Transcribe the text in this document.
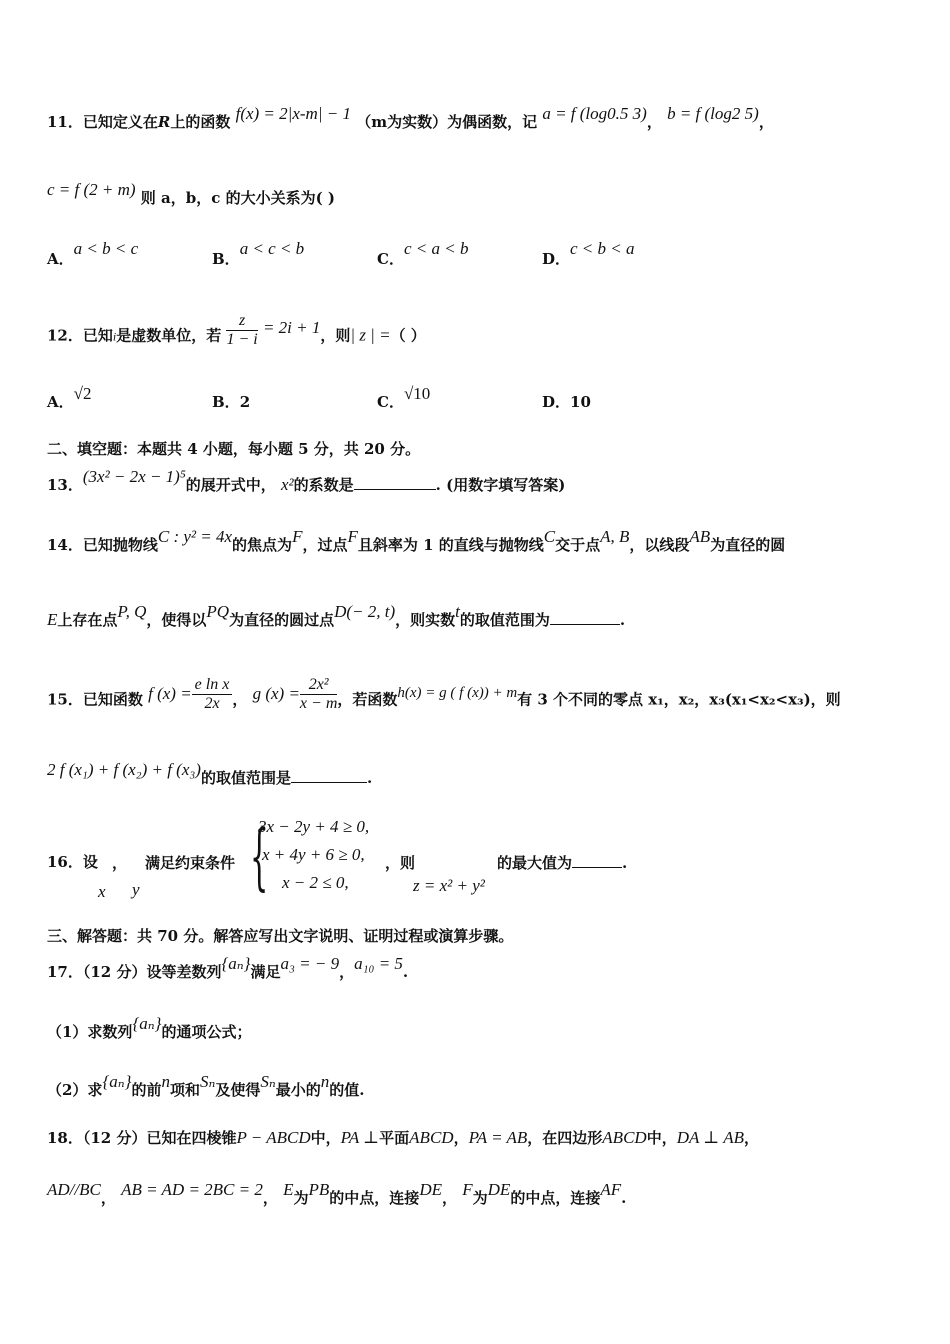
11．已知定义在R上的函数 f(x) = 2|x-m| − 1 （m为实数）为偶函数，记 a = f (log0.5 3)， b = f (log2 5)，
c = f (2 + m) 则 a，b，c 的大小关系为( )
A．a < b < c
B．a < c < b
C．c < a < b
D．c < b < a
12．已知i是虚数单位，若 $\frac{z}{1 - i} = 2i + 1$，则| z | =（ ）
A．√2	B．2	C．√10	D．10
二、填空题：本题共 4 小题，每小题 5 分，共 20 分。
13．(3x² − 2x − 1)⁵的展开式中， x²的系数是	. (用数字填写答案)
14．已知抛物线C : y² = 4x的焦点为F，过点F且斜率为 1 的直线与抛物线C交于点A, B，以线段AB为直径的圆
E上存在点P, Q，使得以PQ为直径的圆过点D(− 2, t)，则实数t的取值范围为	.
15．已知函数 f $(x) = \frac{\text{e ln x}}{2x}$ ， g $(x) = \frac{\text{2x²}}{x - m}$ ，若函数h(x) = g ( f (x)) + m有 3 个不同的零点 x₁，x₂，x₃(x₁<x₂<x₃)，则
2 f (x₁) + f (x₂) + f (x₃)的取值范围是	.
16．设
x
，
y
满足约束条件 {
3x − 2y + 4 ≥ 0,
x + 4y + 6 ≥ 0,
x − 2 ≤ 0,
，则
z = x² + y²
的最大值为	.
三、解答题：共 70 分。解答应写出文字说明、证明过程或演算步骤。
17．（12 分）设等差数列{aₙ}满足a₃ = − 9，a₁₀ = 5.
（1）求数列{aₙ}的通项公式；
（2）求{aₙ}的前n项和Sₙ及使得Sₙ最小的n的值.
18．（12 分）已知在四棱锥P − ABCD中，PA ⊥平面ABCD，PA = AB，在四边形ABCD中，DA ⊥ AB，
AD//BC， AB = AD = 2BC = 2， E为PB的中点，连接DE， F为DE的中点，连接AF.
